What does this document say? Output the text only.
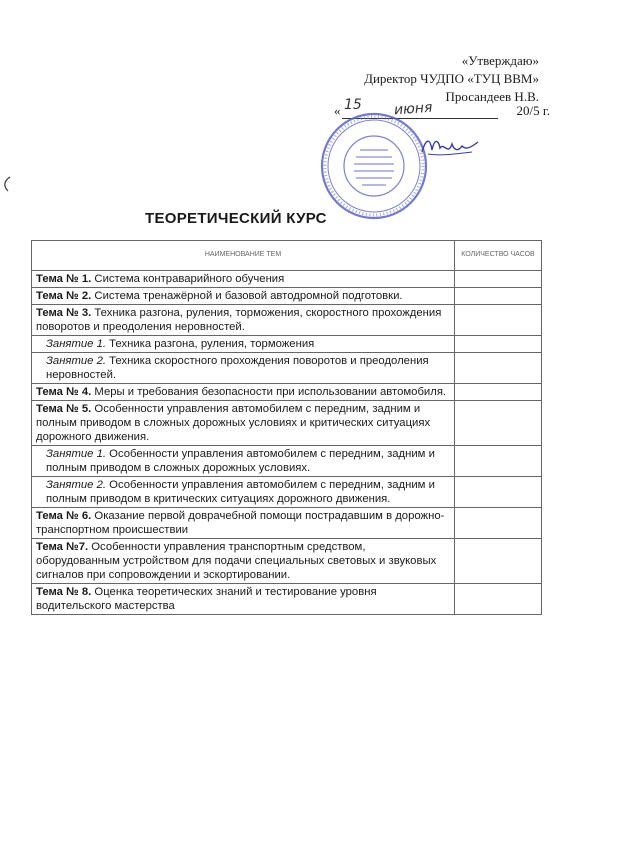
«Утверждаю»
Директор ЧУДПО «ТУЦ ВВМ»
Просандеев Н.В.
« 15 июня	20/5 г.
ТЕОРЕТИЧЕСКИЙ КУРС
НАИМЕНОВАНИЕ ТЕМ	КОЛИЧЕСТВО ЧАСОВ
Тема № 1. Система контраварийного обучения	
Тема № 2. Система тренажёрной и базовой автодромной подготовки.	
Тема № 3. Техника разгона, руления, торможения, скоростного прохождения поворотов и преодоления неровностей.	
Занятие 1. Техника разгона, руления, торможения	
Занятие 2. Техника скоростного прохождения поворотов и преодоления неровностей.	
Тема № 4. Меры и требования безопасности при использовании автомобиля.	
Тема № 5. Особенности управления автомобилем с передним, задним и полным приводом в сложных дорожных условиях и критических ситуациях дорожного движения.	
Занятие 1. Особенности управления автомобилем с передним, задним и полным приводом в сложных дорожных условиях.	
Занятие 2. Особенности управления автомобилем с передним, задним и полным приводом в критических ситуациях дорожного движения.	
Тема № 6. Оказание первой доврачебной помощи пострадавшим в дорожно-транспортном происшествии	
Тема №7. Особенности управления транспортным средством, оборудованным устройством для подачи специальных световых и звуковых сигналов при сопровождении и эскортировании.	
Тема № 8. Оценка теоретических знаний и тестирование уровня водительского мастерства	
